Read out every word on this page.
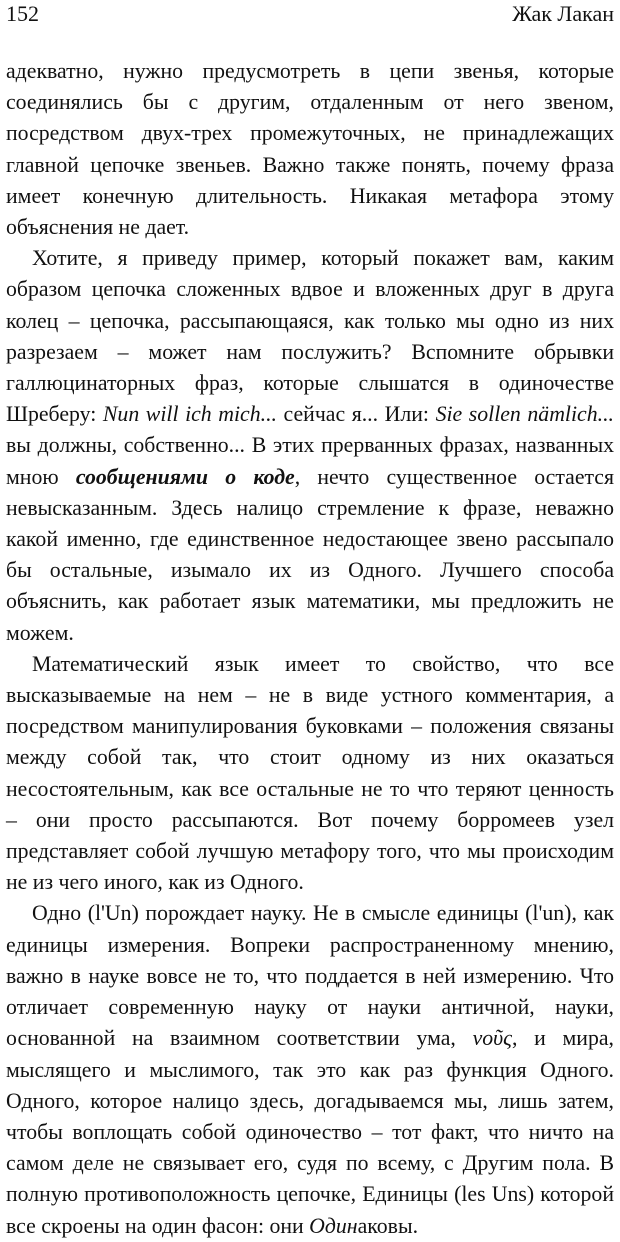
152	Жак Лакан

адекватно, нужно предусмотреть в цепи звенья, которые соединялись бы с другим, отдаленным от него звеном, посредством двух-трех промежуточных, не принадлежащих главной цепочке звеньев. Важно также понять, почему фраза имеет конечную длительность. Никакая метафора этому объяснения не дает.

Хотите, я приведу пример, который покажет вам, каким образом цепочка сложенных вдвое и вложенных друг в друга колец – цепочка, рассыпающаяся, как только мы одно из них разрезаем – может нам послужить? Вспомните обрывки галлюцинаторных фраз, которые слышатся в одиночестве Шреберу: Nun will ich mich... сейчас я... Или: Sie sollen nämlich... вы должны, собственно... В этих прерванных фразах, названных мною сообщениями о коде, нечто существенное остается невысказанным. Здесь налицо стремление к фразе, неважно какой именно, где единственное недостающее звено рассыпало бы остальные, изымало их из Одного. Лучшего способа объяснить, как работает язык математики, мы предложить не можем.

Математический язык имеет то свойство, что все высказываемые на нем – не в виде устного комментария, а посредством манипулирования буковками – положения связаны между собой так, что стоит одному из них оказаться несостоятельным, как все остальные не то что теряют ценность – они просто рассыпаются. Вот почему борромеев узел представляет собой лучшую метафору того, что мы происходим не из чего иного, как из Одного.

Одно (l'Un) порождает науку. Не в смысле единицы (l'un), как единицы измерения. Вопреки распространенному мнению, важно в науке вовсе не то, что поддается в ней измерению. Что отличает современную науку от науки античной, науки, основанной на взаимном соответствии ума, νοῦς, и мира, мыслящего и мыслимого, так это как раз функция Одного. Одного, которое налицо здесь, догадываемся мы, лишь затем, чтобы воплощать собой одиночество – тот факт, что ничто на самом деле не связывает его, судя по всему, с Другим пола. В полную противоположность цепочке, Единицы (les Uns) которой все скроены на один фасон: они Одинаковы.
